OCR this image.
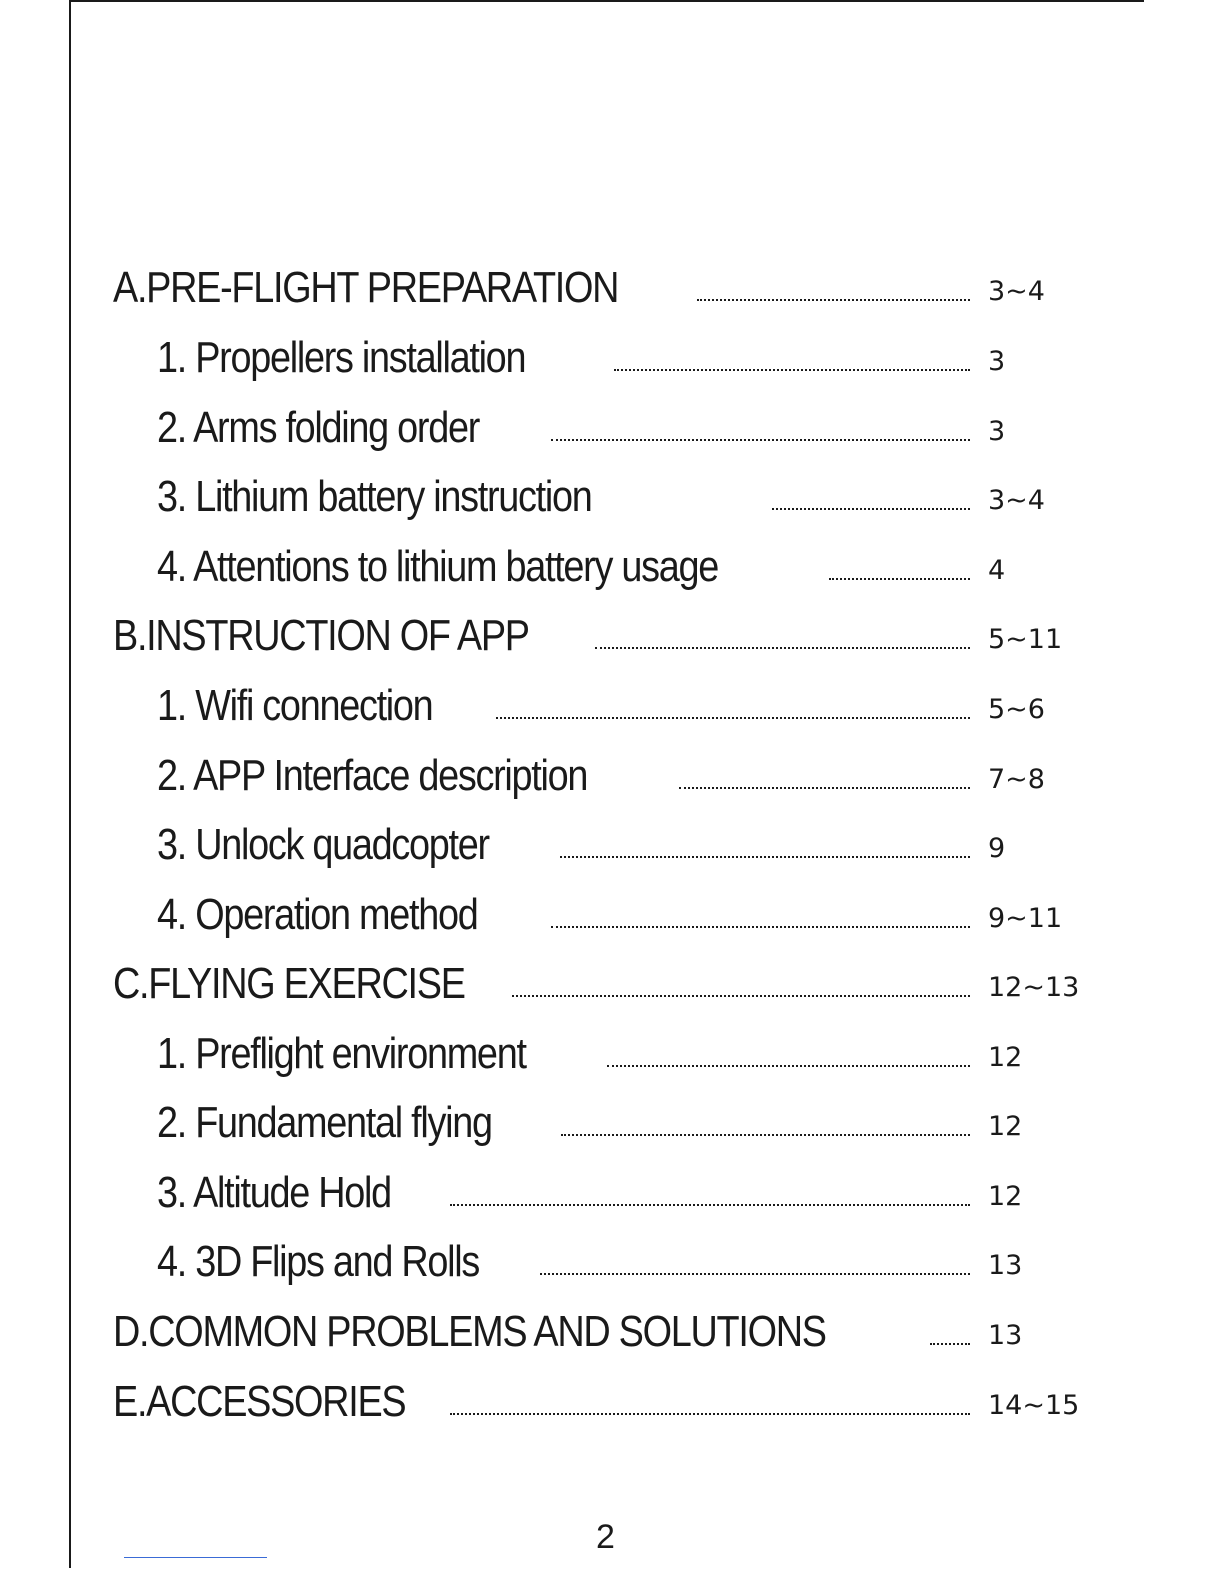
A.PRE-FLIGHT PREPARATION	3~4
1. Propellers installation	3
2. Arms folding order	3
3. Lithium battery instruction	3~4
4. Attentions to lithium battery usage	4
B.INSTRUCTION OF APP	5~11
1. Wifi connection	5~6
2. APP Interface description	7~8
3. Unlock quadcopter	9
4. Operation method	9~11
C.FLYING EXERCISE	12~13
1. Preflight environment	12
2. Fundamental flying	12
3. Altitude Hold	12
4. 3D Flips and Rolls	13
D.COMMON PROBLEMS AND SOLUTIONS	13
E.ACCESSORIES	14~15
2
